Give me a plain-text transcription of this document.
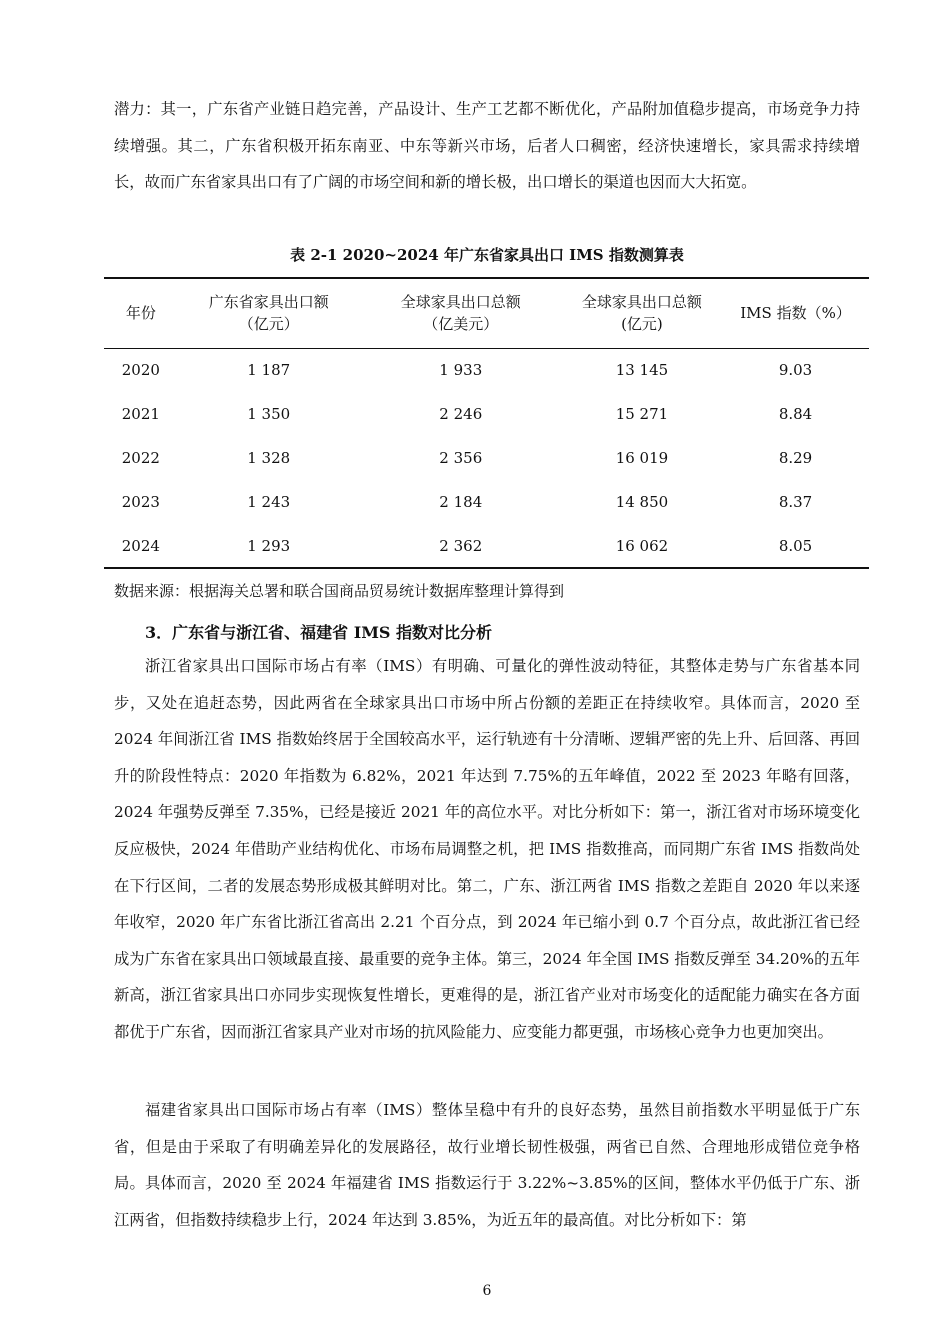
潜力：其一，广东省产业链日趋完善，产品设计、生产工艺都不断优化，产品附加值稳步提高，市场竞争力持续增强。其二，广东省积极开拓东南亚、中东等新兴市场，后者人口稠密，经济快速增长，家具需求持续增长，故而广东省家具出口有了广阔的市场空间和新的增长极，出口增长的渠道也因而大大拓宽。

表 2-1 2020~2024 年广东省家具出口 IMS 指数测算表
年份	广东省家具出口额（亿元）	全球家具出口总额（亿美元）	全球家具出口总额(亿元)	IMS 指数（%）
2020	1 187	1 933	13 145	9.03
2021	1 350	2 246	15 271	8.84
2022	1 328	2 356	16 019	8.29
2023	1 243	2 184	14 850	8.37
2024	1 293	2 362	16 062	8.05
数据来源：根据海关总署和联合国商品贸易统计数据库整理计算得到
3．广东省与浙江省、福建省 IMS 指数对比分析

浙江省家具出口国际市场占有率（IMS）有明确、可量化的弹性波动特征，其整体走势与广东省基本同步，又处在追赶态势，因此两省在全球家具出口市场中所占份额的差距正在持续收窄。具体而言，2020 至 2024 年间浙江省 IMS 指数始终居于全国较高水平，运行轨迹有十分清晰、逻辑严密的先上升、后回落、再回升的阶段性特点：2020 年指数为 6.82%，2021 年达到 7.75%的五年峰值，2022 至 2023 年略有回落，2024 年强势反弹至 7.35%，已经是接近 2021 年的高位水平。对比分析如下：第一，浙江省对市场环境变化反应极快，2024 年借助产业结构优化、市场布局调整之机，把 IMS 指数推高，而同期广东省 IMS 指数尚处在下行区间，二者的发展态势形成极其鲜明对比。第二，广东、浙江两省 IMS 指数之差距自 2020 年以来逐年收窄，2020 年广东省比浙江省高出 2.21 个百分点，到 2024 年已缩小到 0.7 个百分点，故此浙江省已经成为广东省在家具出口领域最直接、最重要的竞争主体。第三，2024 年全国 IMS 指数反弹至 34.20%的五年新高，浙江省家具出口亦同步实现恢复性增长，更难得的是，浙江省产业对市场变化的适配能力确实在各方面都优于广东省，因而浙江省家具产业对市场的抗风险能力、应变能力都更强，市场核心竞争力也更加突出。

福建省家具出口国际市场占有率（IMS）整体呈稳中有升的良好态势，虽然目前指数水平明显低于广东省，但是由于采取了有明确差异化的发展路径，故行业增长韧性极强，两省已自然、合理地形成错位竞争格局。具体而言，2020 至 2024 年福建省 IMS 指数运行于 3.22%~3.85%的区间，整体水平仍低于广东、浙江两省，但指数持续稳步上行，2024 年达到 3.85%，为近五年的最高值。对比分析如下：第

6
